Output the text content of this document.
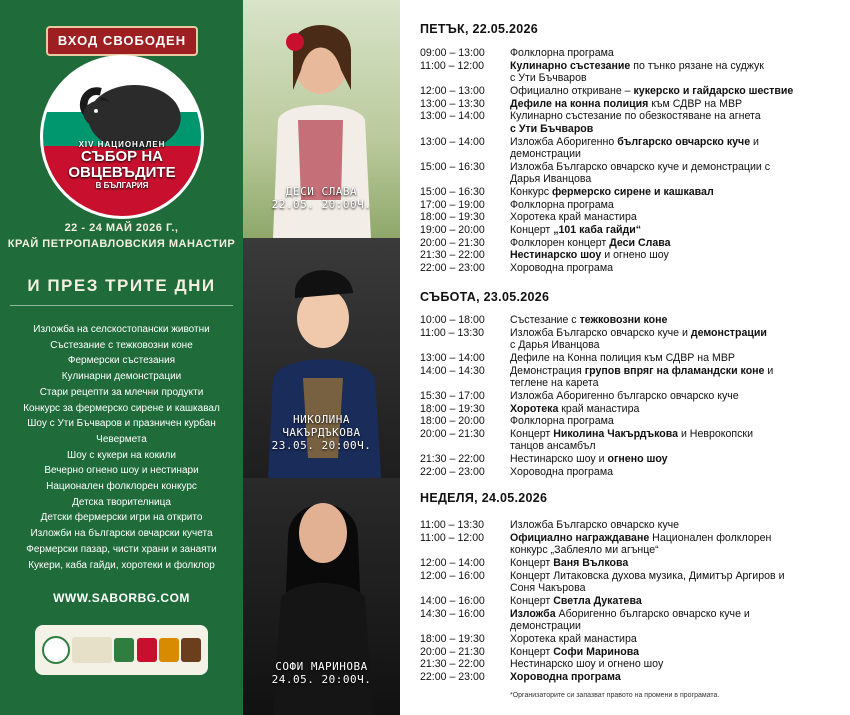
ВХОД СВОБОДЕН
XIV НАЦИОНАЛЕН
СЪБОР НА
ОВЦЕВЪДИТЕ
В БЪЛГАРИЯ
22 - 24 МАЙ 2026 Г.,
КРАЙ ПЕТРОПАВЛОВСКИЯ МАНАСТИР
И ПРЕЗ ТРИТЕ ДНИ
Изложба на селскостопански животни
Състезание с тежковозни коне
Фермерски състезания
Кулинарни демонстрации
Стари рецепти за млечни продукти
Конкурс за фермерско сирене и кашкавал
Шоу с Ути Бъчваров и празничен курбан
Чевермета
Шоу с кукери на кокили
Вечерно огнено шоу и нестинари
Национален фолклорен конкурс
Детска творителница
Детски фермерски игри на открито
Изложби на български овчарски кучета
Фермерски пазар, чисти храни и занаяти
Кукери, каба гайди, хоротеки и фолклор
WWW.SABORBG.COM
ДЕСИ СЛАВА
22.05. 20:00Ч.
НИКОЛИНА
ЧАКЪРДЪКОВА
23.05. 20:00Ч.
СОФИ МАРИНОВА
24.05. 20:00Ч.
ПЕТЪК, 22.05.2026
09:00 – 13:00	Фолклорна програма
11:00 – 12:00	Кулинарно състезание по тънко рязане на суджук
с Ути Бъчваров
12:00 – 13:00	Официално откриване – кукерско и гайдарско шествие
13:00 – 13:30	Дефиле на конна полиция към СДВР на МВР
13:00 – 14:00	Кулинарно състезание по обезкостяване на агнета
с Ути Бъчваров
13:00 – 14:00	Изложба Аборигенно българско овчарско куче и
демонстрации
15:00 – 16:30	Изложба Българско овчарско куче и демонстрации с
Дарья Иванцова
15:00 – 16:30	Конкурс фермерско сирене и кашкавал
17:00 – 19:00	Фолклорна програма
18:00 – 19:30	Хоротека край манастира
19:00 – 20:00	Концерт „101 каба гайди“
20:00 – 21:30	Фолклорен концерт Деси Слава
21:30 – 22:00	Нестинарско шоу и огнено шоу
22:00 – 23:00	Хороводна програма
СЪБОТА, 23.05.2026
10:00 – 18:00	Състезание с тежковозни коне
11:00 – 13:30	Изложба Българско овчарско куче и демонстрации
с Дарья Иванцова
13:00 – 14:00	Дефиле на Конна полиция към СДВР на МВР
14:00 – 14:30	Демонстрация групов впряг на фламандски коне и
теглене на карета
15:30 – 17:00	Изложба Аборигенно българско овчарско куче
18:00 – 19:30	Хоротека край манастира
18:00 – 20:00	Фолклорна програма
20:00 – 21:30	Концерт Николина Чакърдъкова и Неврокопски
танцов ансамбъл
21:30 – 22:00	Нестинарско шоу и огнено шоу
22:00 – 23:00	Хороводна програма
НЕДЕЛЯ, 24.05.2026
11:00 – 13:30	Изложба Българско овчарско куче
11:00 – 12:00	Официално награждаване Национален фолклорен
конкурс „Заблеяло ми агънце“
12:00 – 14:00	Концерт Ваня Вълкова
12:00 – 16:00	Концерт Литаковска духова музика, Димитър Аргиров и
Соня Чакърова
14:00 – 16:00	Концерт Светла Дукатева
14:30 – 16:00	Изложба Аборигенно българско овчарско куче и
демонстрации
18:00 – 19:30	Хоротека край манастира
20:00 – 21:30	Концерт Софи Маринова
21:30 – 22:00	Нестинарско шоу и огнено шоу
22:00 – 23:00	Хороводна програма
*Организаторите си запазват правото на промени в програмата.
